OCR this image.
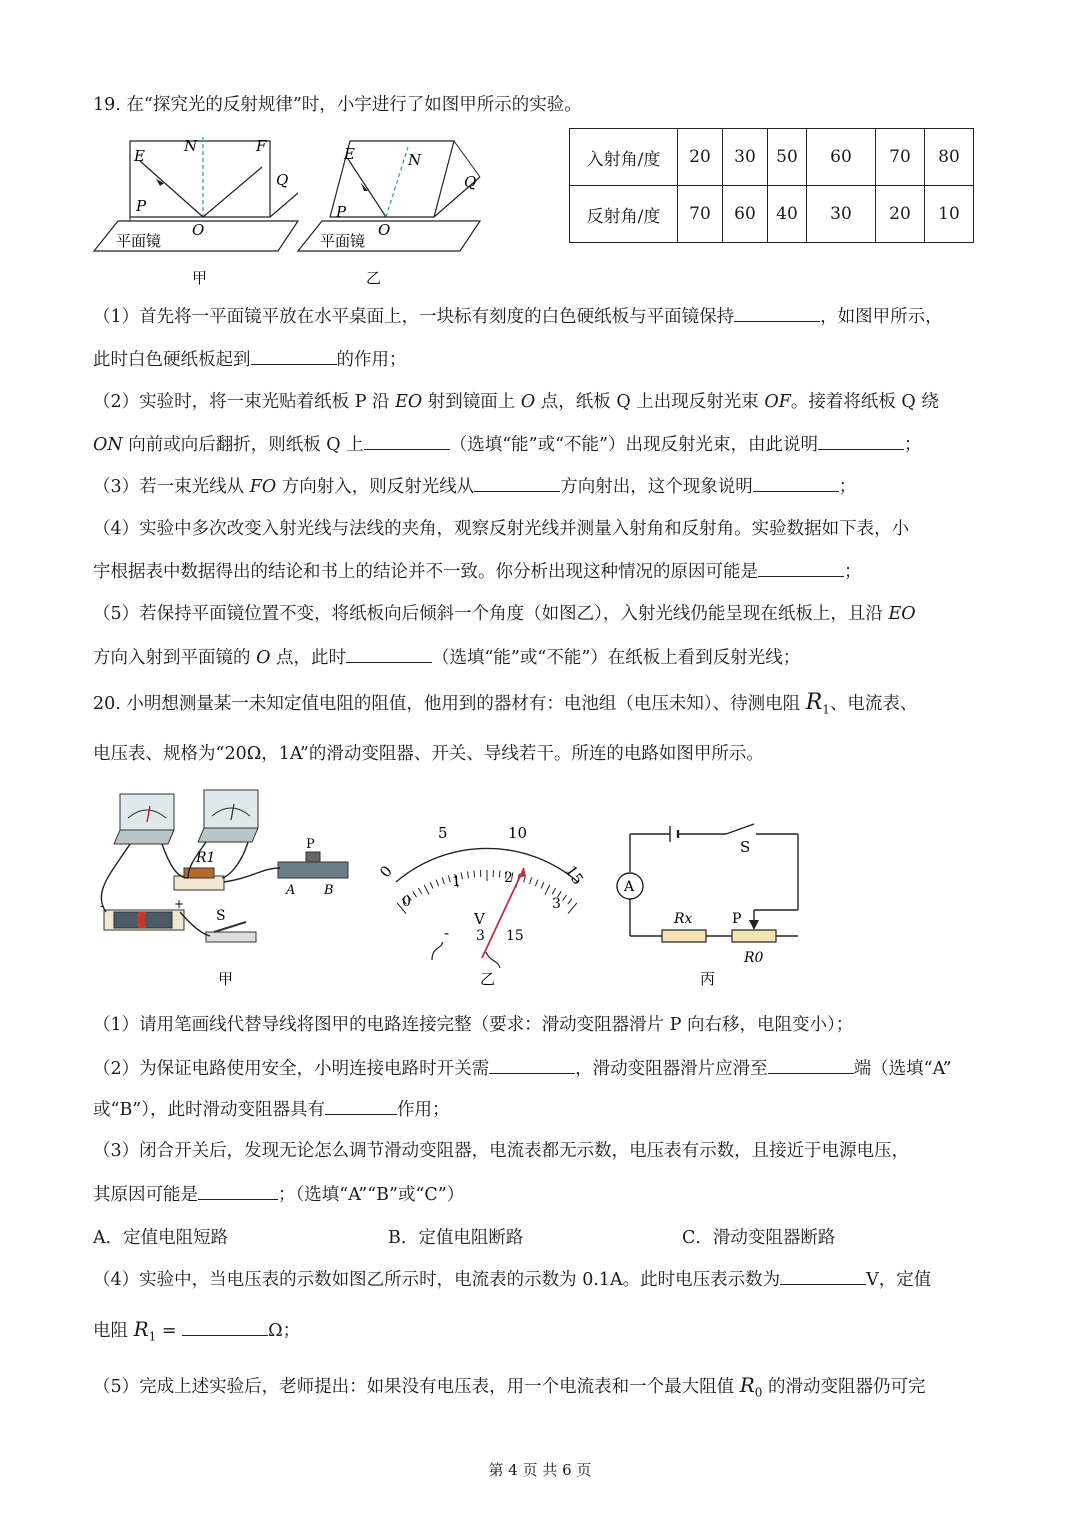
19. 在“探究光的反射规律”时，小宇进行了如图甲所示的实验。
E
N	F
Q
P
O
平面镜
甲
E	N
Q
P
O
平面镜
乙
入射角/度	20	30	50	60	70	80
反射角/度	70	60	40	30	20	10
（1）首先将一平面镜平放在水平桌面上，一块标有刻度的白色硬纸板与平面镜保持	，如图甲所示，
此时白色硬纸板起到	的作用；
（2）实验时，将一束光贴着纸板 P 沿 EO 射到镜面上 O 点，纸板 Q 上出现反射光束 OF。接着将纸板 Q 绕
ON 向前或向后翻折，则纸板 Q 上	（选填“能”或“不能”）出现反射光束，由此说明	；
（3）若一束光线从 FO 方向射入，则反射光线从	方向射出，这个现象说明	；
（4）实验中多次改变入射光线与法线的夹角，观察反射光线并测量入射角和反射角。实验数据如下表，小
宇根据表中数据得出的结论和书上的结论并不一致。你分析出现这种情况的原因可能是	；
（5）若保持平面镜位置不变，将纸板向后倾斜一个角度（如图乙），入射光线仍能呈现在纸板上，且沿 EO
方向入射到平面镜的 O 点，此时	（选填“能”或“不能”）在纸板上看到反射光线；
20. 小明想测量某一未知定值电阻的阻值，他用到的器材有：电池组（电压未知）、待测电阻 $R_1$、电流表、
电压表、规格为“20Ω，1A”的滑动变阻器、开关、导线若干。所连的电路如图甲所示。
R1
P
A B
-	+
S
甲
0
5	10
15
0
1	2
3
V
- 3 15
乙
S
A
Rx	P
R0
丙
（1）请用笔画线代替导线将图甲的电路连接完整（要求：滑动变阻器滑片 P 向右移，电阻变小）；
（2）为保证电路使用安全，小明连接电路时开关需	，滑动变阻器滑片应滑至	端（选填“A”
或“B”），此时滑动变阻器具有	作用；
（3）闭合开关后，发现无论怎么调节滑动变阻器，电流表都无示数，电压表有示数，且接近于电源电压，
其原因可能是	；（选填“A”“B”或“C”）
A．定值电阻短路	B．定值电阻断路	C．滑动变阻器断路
（4）实验中，当电压表的示数如图乙所示时，电流表的示数为 0.1A。此时电压表示数为	V，定值
电阻 $R_1$ =	Ω；
（5）完成上述实验后，老师提出：如果没有电压表，用一个电流表和一个最大阻值 $R_0$ 的滑动变阻器仍可完
第 4 页 共 6 页
